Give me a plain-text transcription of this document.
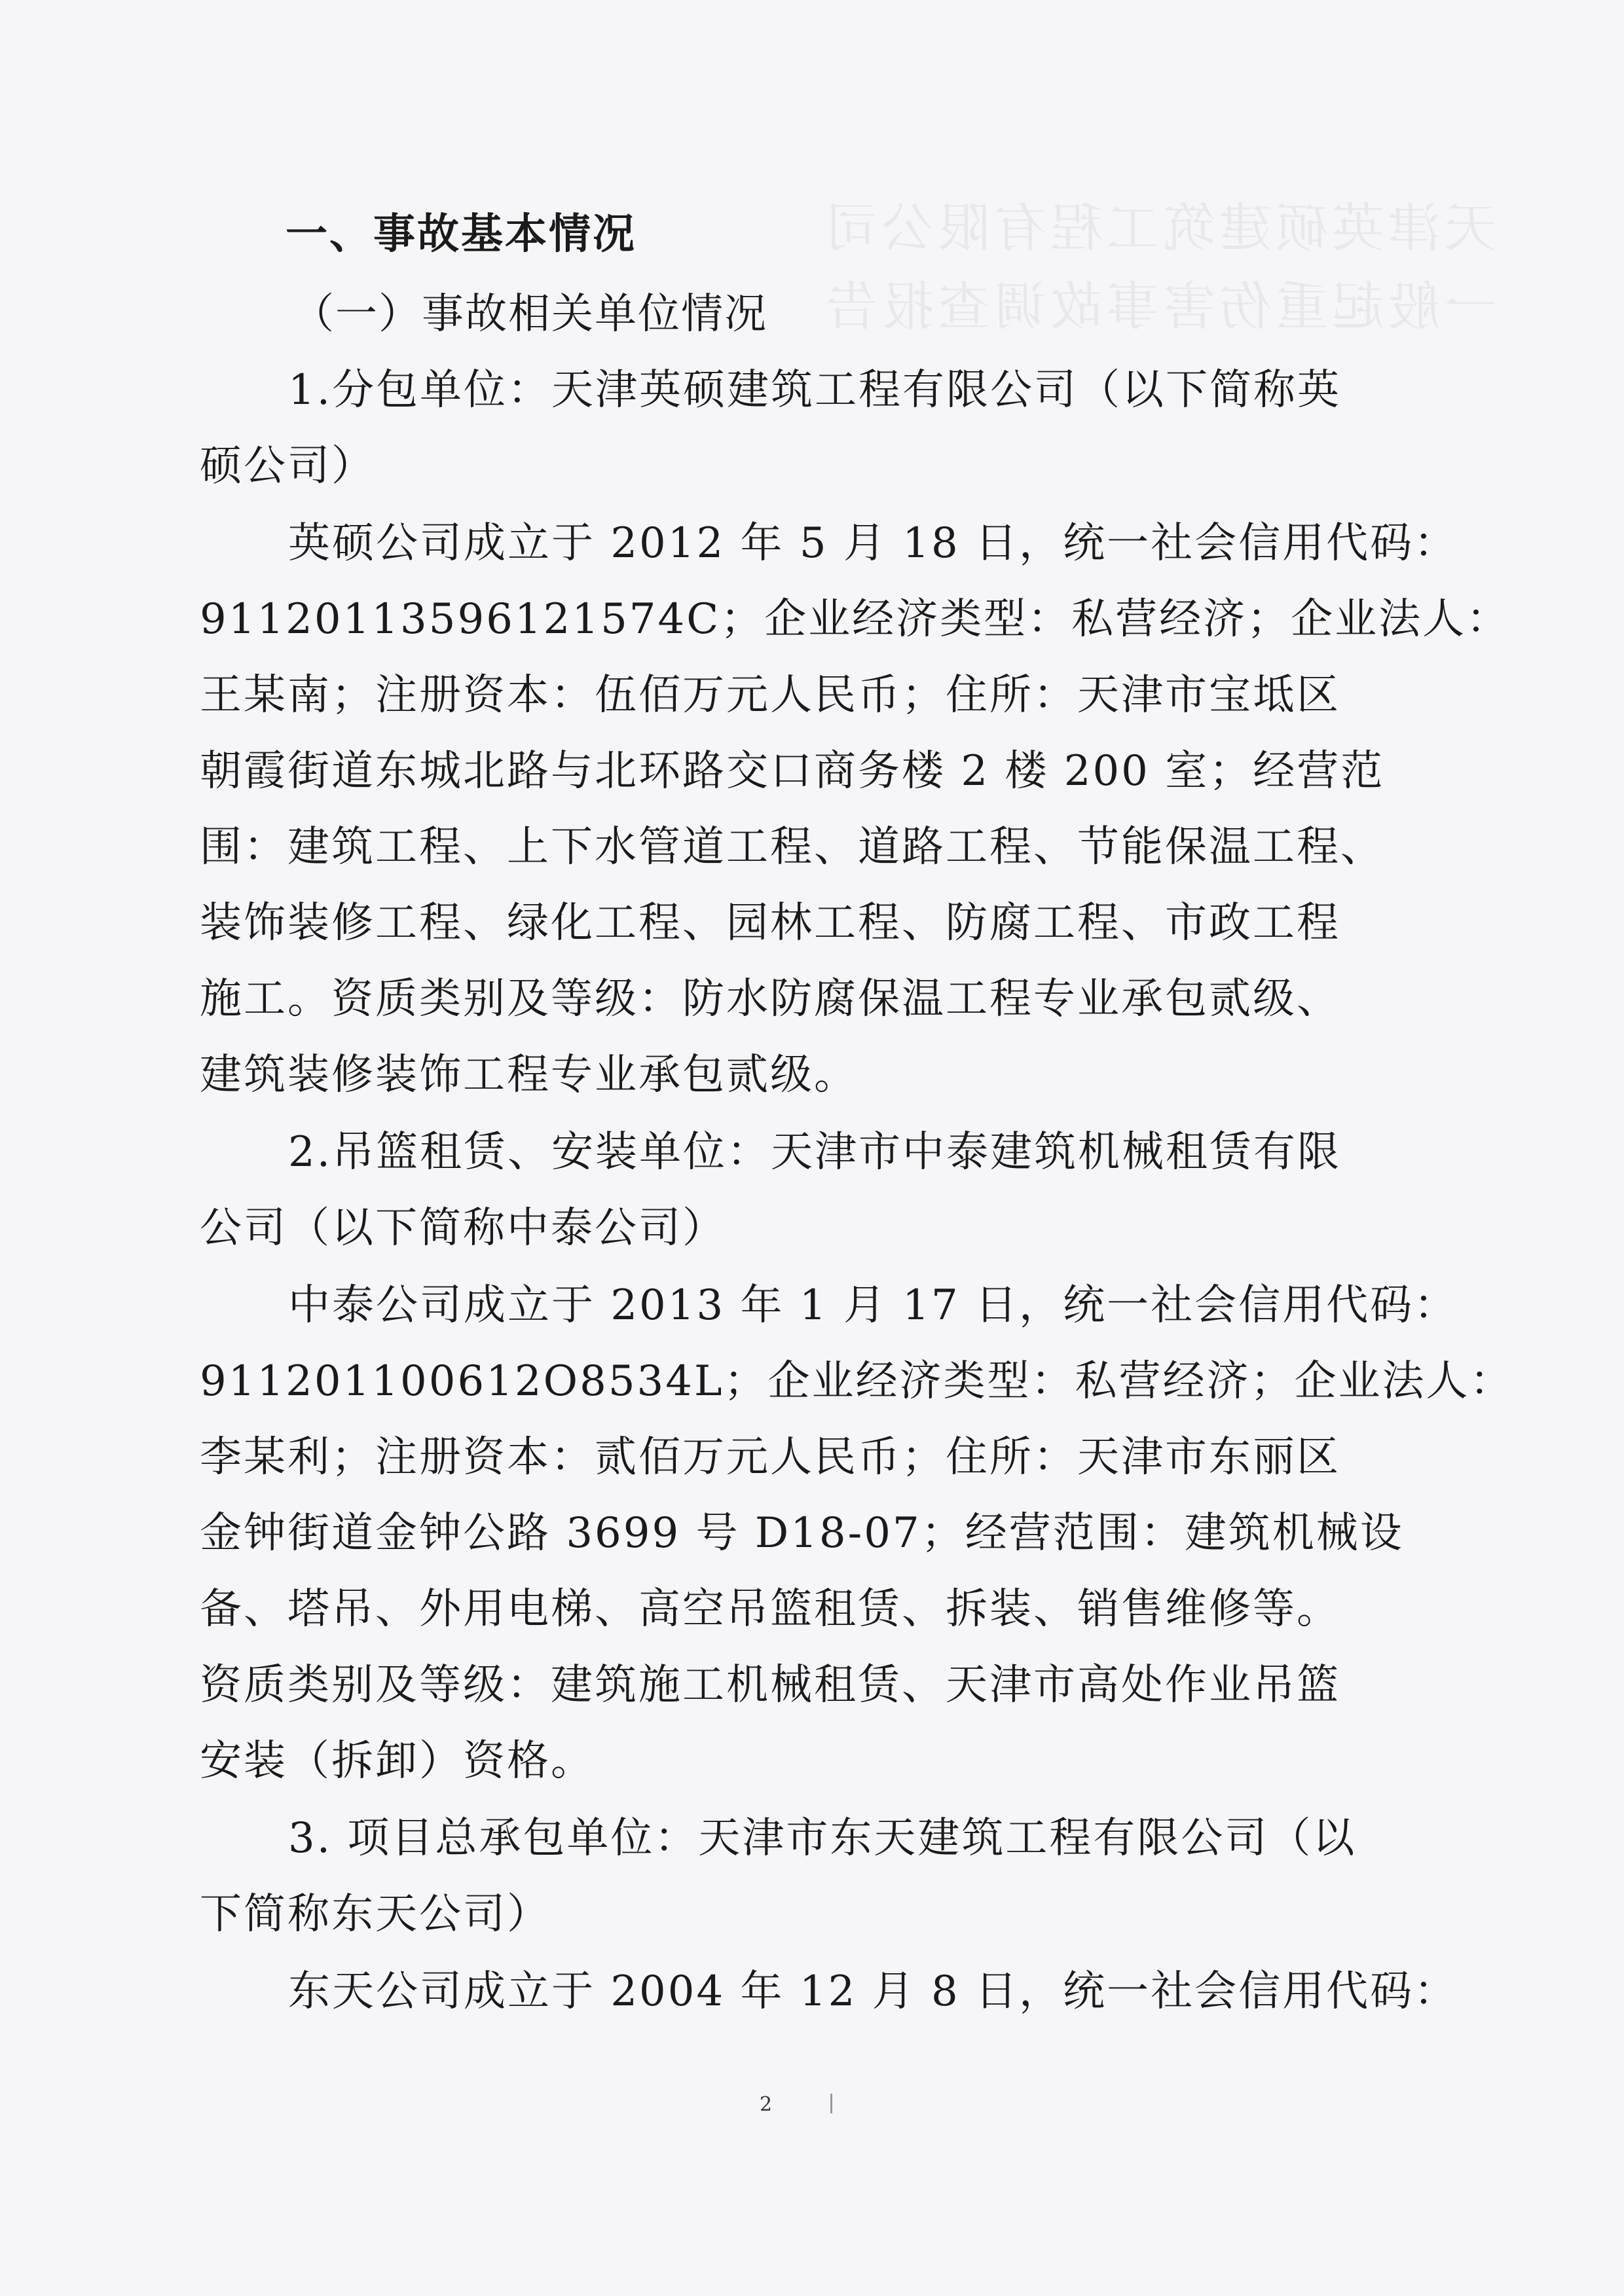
天津英硕建筑工程有限公司
一般起重伤害事故调查报告
一、事故基本情况
（一）事故相关单位情况
1.分包单位：天津英硕建筑工程有限公司（以下简称英
硕公司）
英硕公司成立于 2012 年 5 月 18 日，统一社会信用代码：
91120113596121574C；企业经济类型：私营经济；企业法人：
王某南；注册资本：伍佰万元人民币；住所：天津市宝坻区
朝霞街道东城北路与北环路交口商务楼 2 楼 200 室；经营范
围：建筑工程、上下水管道工程、道路工程、节能保温工程、
装饰装修工程、绿化工程、园林工程、防腐工程、市政工程
施工。资质类别及等级：防水防腐保温工程专业承包贰级、
建筑装修装饰工程专业承包贰级。
2.吊篮租赁、安装单位：天津市中泰建筑机械租赁有限
公司（以下简称中泰公司）
中泰公司成立于 2013 年 1 月 17 日，统一社会信用代码：
911201100612O8534L；企业经济类型：私营经济；企业法人：
李某利；注册资本：贰佰万元人民币；住所：天津市东丽区
金钟街道金钟公路 3699 号 D18-07；经营范围：建筑机械设
备、塔吊、外用电梯、高空吊篮租赁、拆装、销售维修等。
资质类别及等级：建筑施工机械租赁、天津市高处作业吊篮
安装（拆卸）资格。
3. 项目总承包单位：天津市东天建筑工程有限公司（以
下简称东天公司）
东天公司成立于 2004 年 12 月 8 日，统一社会信用代码：
2
